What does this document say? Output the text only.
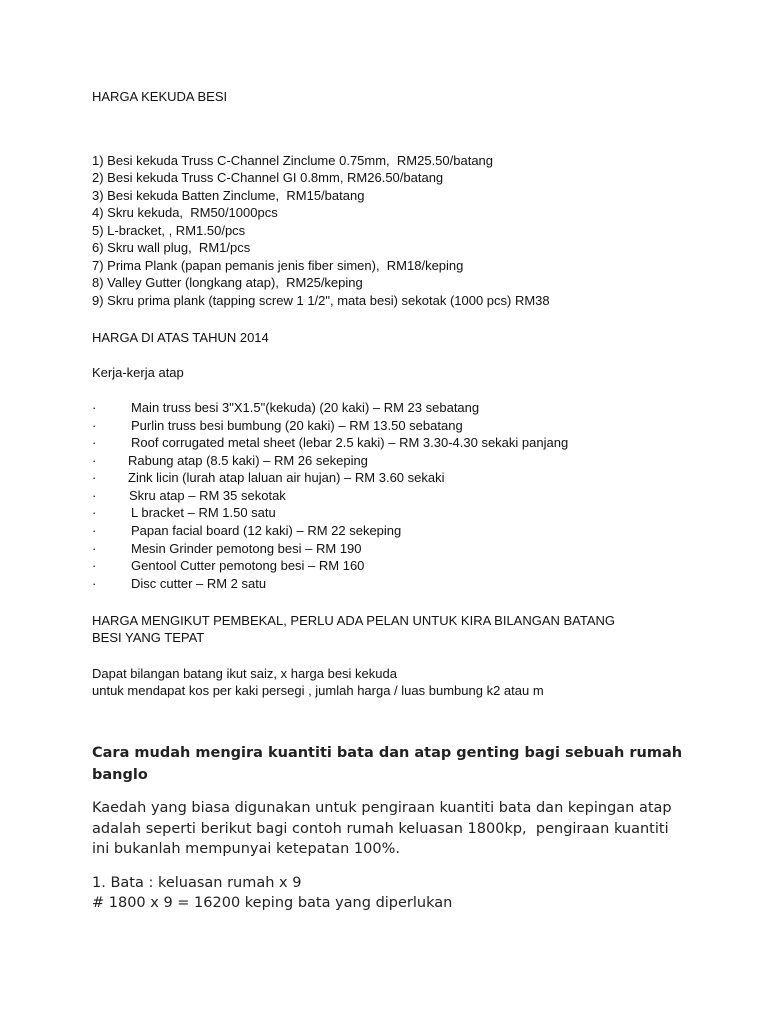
HARGA KEKUDA BESI
1) Besi kekuda Truss C-Channel Zinclume 0.75mm,  RM25.50/batang
2) Besi kekuda Truss C-Channel GI 0.8mm, RM26.50/batang
3) Besi kekuda Batten Zinclume,  RM15/batang
4) Skru kekuda,  RM50/1000pcs
5) L-bracket, , RM1.50/pcs
6) Skru wall plug,  RM1/pcs
7) Prima Plank (papan pemanis jenis fiber simen),  RM18/keping
8) Valley Gutter (longkang atap),  RM25/keping
9) Skru prima plank (tapping screw 1 1/2", mata besi) sekotak (1000 pcs) RM38
HARGA DI ATAS TAHUN 2014
Kerja-kerja atap
·	Main truss besi 3"X1.5"(kekuda) (20 kaki) – RM 23 sebatang
·	Purlin truss besi bumbung (20 kaki) – RM 13.50 sebatang
·	Roof corrugated metal sheet (lebar 2.5 kaki) – RM 3.30-4.30 sekaki panjang
· Rabung atap (8.5 kaki) – RM 26 sekeping
· Zink licin (lurah atap laluan air hujan) – RM 3.60 sekaki
·	Skru atap – RM 35 sekotak
·	L bracket – RM 1.50 satu
·	Papan facial board (12 kaki) – RM 22 sekeping
·	Mesin Grinder pemotong besi – RM 190
·	Gentool Cutter pemotong besi – RM 160
·	Disc cutter – RM 2 satu
HARGA MENGIKUT PEMBEKAL, PERLU ADA PELAN UNTUK KIRA BILANGAN BATANG
BESI YANG TEPAT
Dapat bilangan batang ikut saiz, x harga besi kekuda
untuk mendapat kos per kaki persegi , jumlah harga / luas bumbung k2 atau m
Cara mudah mengira kuantiti bata dan atap genting bagi sebuah rumah
banglo
Kaedah yang biasa digunakan untuk pengiraan kuantiti bata dan kepingan atap
adalah seperti berikut bagi contoh rumah keluasan 1800kp,  pengiraan kuantiti
ini bukanlah mempunyai ketepatan 100%.
1. Bata : keluasan rumah x 9
# 1800 x 9 = 16200 keping bata yang diperlukan
